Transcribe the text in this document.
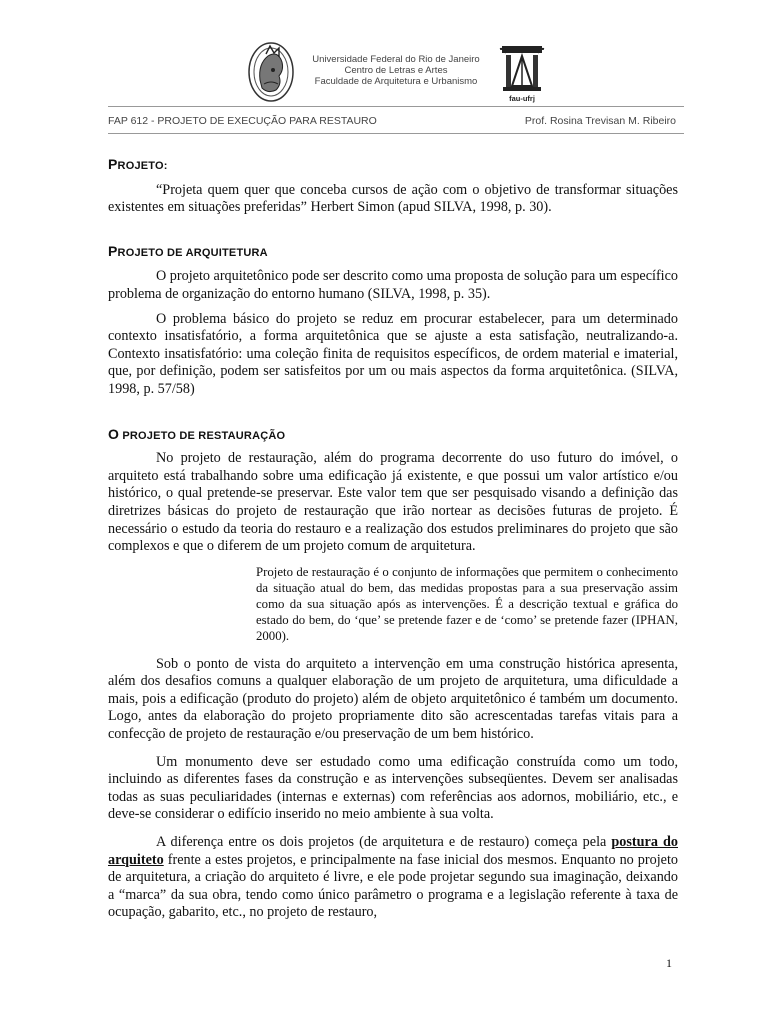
Universidade Federal do Rio de Janeiro
Centro de Letras e Artes
Faculdade de Arquitetura e Urbanismo
fau-ufrj
FAP 612 - PROJETO DE EXECUÇÃO PARA RESTAURO	Prof. Rosina Trevisan M. Ribeiro
PROJETO:

“Projeta quem quer que conceba cursos de ação com o objetivo de transformar situações existentes em situações preferidas” Herbert Simon (apud SILVA, 1998, p. 30).

PROJETO DE ARQUITETURA

O projeto arquitetônico pode ser descrito como uma proposta de solução para um específico problema de organização do entorno humano (SILVA, 1998, p. 35).

O problema básico do projeto se reduz em procurar estabelecer, para um determinado contexto insatisfatório, a forma arquitetônica que se ajuste a esta satisfação, neutralizando-a. Contexto insatisfatório: uma coleção finita de requisitos específicos, de ordem material e imaterial, que, por definição, podem ser satisfeitos por um ou mais aspectos da forma arquitetônica. (SILVA, 1998, p. 57/58)

O PROJETO DE RESTAURAÇÃO

No projeto de restauração, além do programa decorrente do uso futuro do imóvel, o arquiteto está trabalhando sobre uma edificação já existente, e que possui um valor artístico e/ou histórico, o qual pretende-se preservar. Este valor tem que ser pesquisado visando a definição das diretrizes básicas do projeto de restauração que irão nortear as decisões futuras de projeto. É necessário o estudo da teoria do restauro e a realização dos estudos preliminares do projeto que são complexos e que o diferem de um projeto comum de arquitetura.

Projeto de restauração é o conjunto de informações que permitem o conhecimento da situação atual do bem, das medidas propostas para a sua preservação assim como da sua situação após as intervenções. É a descrição textual e gráfica do estado do bem, do ‘que’ se pretende fazer e de ‘como’ se pretende fazer (IPHAN, 2000).

Sob o ponto de vista do arquiteto a intervenção em uma construção histórica apresenta, além dos desafios comuns a qualquer elaboração de um projeto de arquitetura, uma dificuldade a mais, pois a edificação (produto do projeto) além de objeto arquitetônico é também um documento. Logo, antes da elaboração do projeto propriamente dito são acrescentadas tarefas vitais para a confecção de projeto de restauração e/ou preservação de um bem histórico.

Um monumento deve ser estudado como uma edificação construída como um todo, incluindo as diferentes fases da construção e as intervenções subseqüentes. Devem ser analisadas todas as suas peculiaridades (internas e externas) com referências aos adornos, mobiliário, etc., e deve-se considerar o edifício inserido no meio ambiente à sua volta.

A diferença entre os dois projetos (de arquitetura e de restauro) começa pela postura do arquiteto frente a estes projetos, e principalmente na fase inicial dos mesmos. Enquanto no projeto de arquitetura, a criação do arquiteto é livre, e ele pode projetar segundo sua imaginação, deixando a “marca” da sua obra, tendo como único parâmetro o programa e a legislação referente à taxa de ocupação, gabarito, etc., no projeto de restauro,

1
